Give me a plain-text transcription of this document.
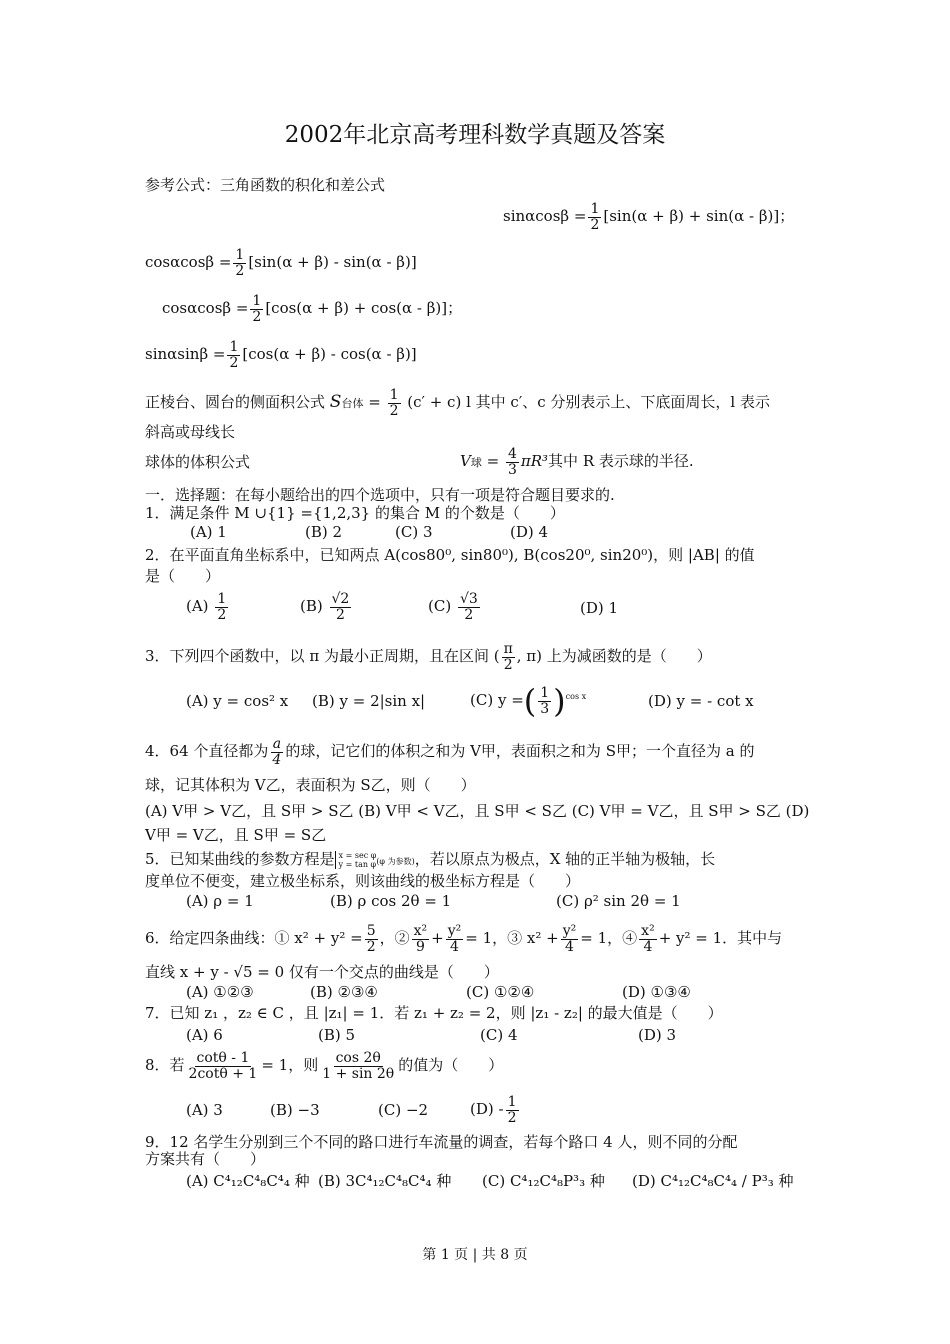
2002年北京高考理科数学真题及答案
参考公式：三角函数的积化和差公式
$\sin\alpha\cos\beta = \frac{1}{2} [\sin(\alpha + \beta) + \sin(\alpha - \beta)]$；
$\cos\alpha\cos\beta = \frac{1}{2} [\sin(\alpha + \beta) - \sin(\alpha - \beta)]$
$\cos\alpha\cos\beta = \frac{1}{2} [\cos(\alpha + \beta) + \cos(\alpha - \beta)]$；
$\sin\alpha\sin\beta = \frac{1}{2} [\cos(\alpha + \beta) - \cos(\alpha - \beta)]$
正棱台、圆台的侧面积公式 S台体 = $\frac{1}{2} (c' + c)$ l 其中 c′、c 分别表示上、下底面周长，l 表示
斜高或母线长
球体的体积公式	V球 = $\frac{4}{3} \pi R^3$其中 R 表示球的半径.
一．选择题：在每小题给出的四个选项中，只有一项是符合题目要求的.
1．满足条件 M ∪{1} ={1,2,3} 的集合 M 的个数是（　　）
(A) 1	(B) 2	(C) 3	(D) 4
2．在平面直角坐标系中，已知两点 A(cos80⁰, sin80⁰), B(cos20⁰, sin20⁰)，则 |AB| 的值
是（　　）
$(A) \frac{1}{2}$	$(B) \frac{√2}{2}$	$(C) \frac{√3}{2}$	(D) 1
3．下列四个函数中，以 π 为最小正周期，且在区间 ( $\frac{\pi}{2}$ , π) 上为减函数的是（　　）
(A) y = cos² x (B) y = 2|sin x|	(C) y =( $\frac{1}{3} )^{cos x}$	(D) y = - cot x
4．64 个直径都为 $\frac{a}{4}$ 的球，记它们的体积之和为 V甲，表面积之和为 S甲；一个直径为 a 的
球，记其体积为 V乙，表面积为 S乙，则（　　）
(A) V甲 > V乙，且 S甲 > S乙 (B) V甲 < V乙，且 S甲 < S乙 (C) V甲 = V乙，且 S甲 > S乙 (D)
V甲 = V乙，且 S甲 = S乙
5．已知某曲线的参数方程是 x = sec φ
y = tan φ (φ 为参数)，若以原点为极点，X 轴的正半轴为极轴，长
度单位不便变，建立极坐标系，则该曲线的极坐标方程是（　　）
(A) ρ = 1	(B) ρ cos 2θ = 1	(C) ρ² sin 2θ = 1
6．给定四条曲线：① $x^2 + y^2 = \frac{5}{2}$ ，② $\frac{\text{x²}}{9} + \frac{\text{y²}}{4} = 1$，③ $x^2 + \frac{\text{y²}}{4} = 1$，④ $\frac{\text{x²}}{4} + y^2 = 1$．其中与
直线 x + y - √5 = 0 仅有一个交点的曲线是（　　）
(A) ①②③	(B) ②③④	(C) ①②④	(D) ①③④
7．已知 z₁ ，z₂ ∈ C ，且 |z₁| = 1．若 z₁ + z₂ = 2，则 |z₁ - z₂| 的最大值是（　　）
(A) 6	(B) 5	(C) 4	(D) 3
8．若 $\frac{\cot\theta - 1}{2\cot\theta + 1} = 1$，则 $\frac{\cos 2\theta}{1 + \sin 2\theta}$ 的值为（　　）
(A) 3	(B) −3	(C) −2	$(D) - \frac{1}{2}$
9．12 名学生分别到三个不同的路口进行车流量的调查，若每个路口 4 人，则不同的分配
方案共有（　　）
(A) C⁴₁₂C⁴₈C⁴₄ 种 (B) 3C⁴₁₂C⁴₈C⁴₄ 种 (C) C⁴₁₂C⁴₈P³₃ 种 (D) C⁴₁₂C⁴₈C⁴₄ / P³₃ 种
第 1 页 | 共 8 页
